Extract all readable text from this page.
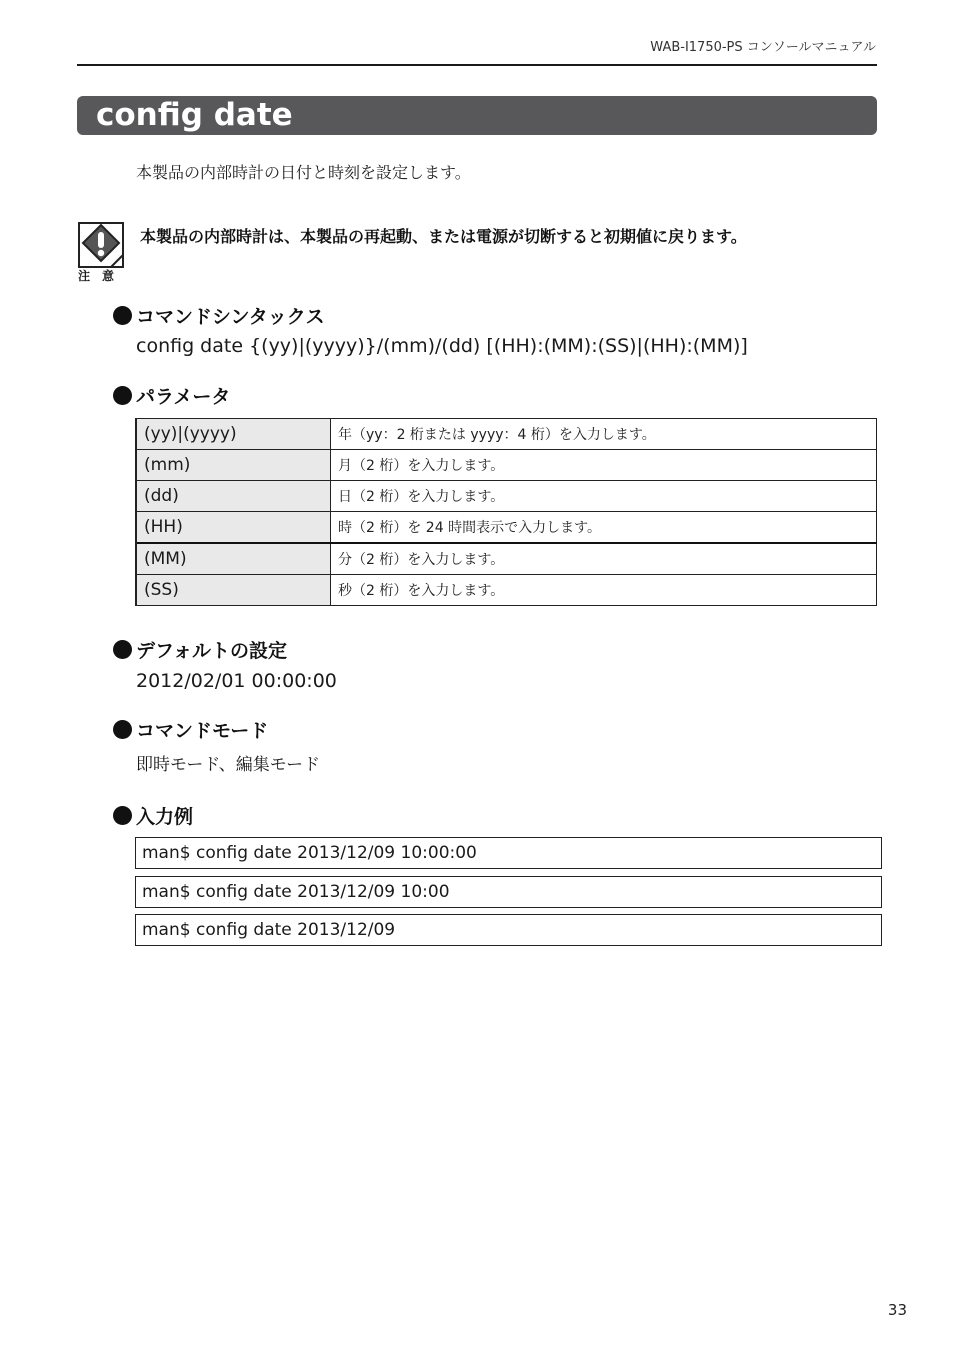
WAB-I1750-PS コンソールマニュアル
config date
本製品の内部時計の日付と時刻を設定します。
注　意
本製品の内部時計は、本製品の再起動、または電源が切断すると初期値に戻ります。
コマンドシンタックス
config date {(yy)|(yyyy)}/(mm)/(dd) [(HH):(MM):(SS)|(HH):(MM)]
パラメータ
(yy)|(yyyy)	年（yy：2 桁または yyyy：4 桁）を入力します。
(mm)	月（2 桁）を入力します。
(dd)	日（2 桁）を入力します。
(HH)	時（2 桁）を 24 時間表示で入力します。
(MM)	分（2 桁）を入力します。
(SS)	秒（2 桁）を入力します。
デフォルトの設定
2012/02/01 00:00:00
コマンドモード
即時モード、編集モード
入力例
man$ config date 2013/12/09 10:00:00
man$ config date 2013/12/09 10:00
man$ config date 2013/12/09
33
